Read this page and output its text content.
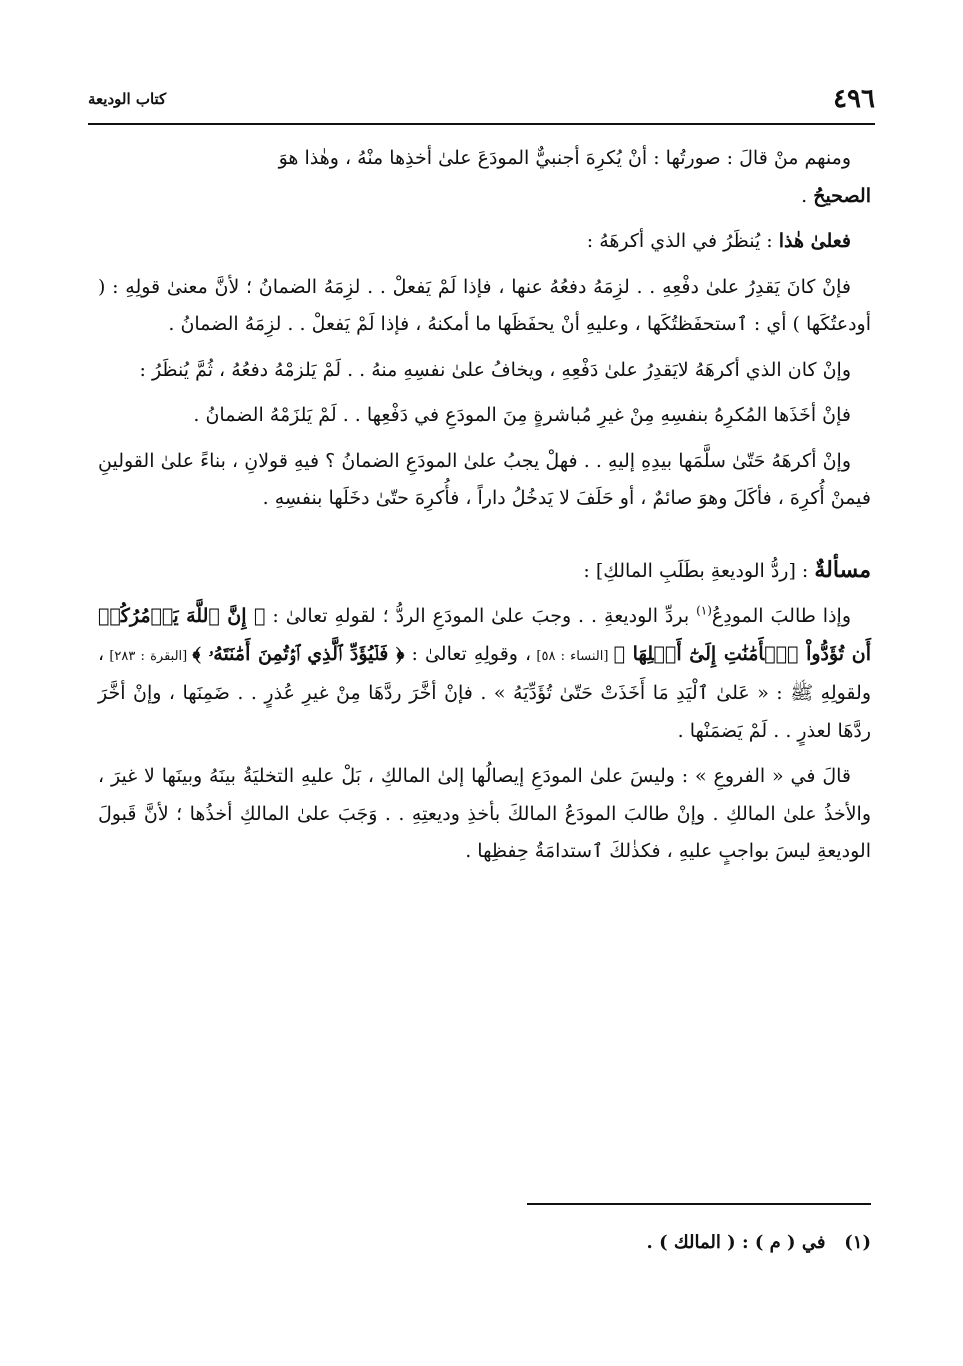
٤٩٦
كتاب الوديعة

ومنهم منْ قالَ : صورتُها : أنْ يُكرِهَ أجنبيٌّ المودَعَ علىٰ أخذِها منْهُ ، وهٰذا هوَ
الصحيحُ .

فعلىٰ هٰذا : يُنظَرُ في الذي أكرهَهُ :

فإنْ كانَ يَقدِرُ علىٰ دفْعِهِ . . لزِمَهُ دفعُهُ عنها ، فإذا لَمْ يَفعلْ . . لزِمَهُ الضمانُ ؛ لأنَّ معنىٰ قولِهِ : ( أودعتُكَها ) أي : ٱستحفَظتُكَها ، وعليهِ أنْ يحفَظَها ما أمكنهُ ، فإذا لَمْ يَفعلْ . . لزِمَهُ الضمانُ .

وإنْ كان الذي أكرهَهُ لايَقدِرُ علىٰ دَفْعِهِ ، ويخافُ علىٰ نفسِهِ منهُ . . لَمْ يَلزمْهُ دفعُهُ ، ثُمَّ يُنظَرُ :

فإنْ أخَذَها المُكرِهُ بنفسِهِ مِنْ غيرِ مُباشرةٍ مِنَ المودَعِ في دَفْعِها . . لَمْ يَلزَمْهُ الضمانُ .

وإنْ أكرهَهُ حَتّىٰ سلَّمَها بيدِهِ إليهِ . . فهلْ يجبُ علىٰ المودَعِ الضمانُ ؟ فيهِ قولانِ ، بناءً علىٰ القولينِ فيمنْ أُكرِهَ ، فأكَلَ وهوَ صائمٌ ، أو حَلَفَ لا يَدخُلُ داراً ، فأُكرِهَ حتّىٰ دخَلَها بنفسِهِ .

مسألةٌ : [ردُّ الوديعةِ بطَلَبِ المالكِ] :

وإذا طالبَ المودِعُ$^{(١)}$ بردِّ الوديعةِ . . وجبَ علىٰ المودَعِ الردُّ ؛ لقولهِ تعالىٰ : ﴿ إِنَّ ٱللَّهَ يَأۡمُرُكُمۡ أَن تُؤَدُّواْ ٱلۡأَمَٰنَٰتِ إِلَىٰٓ أَهۡلِهَا ﴾ [النساء : ٥٨] ، وقولِهِ تعالىٰ : ﴿ فَلۡيُؤَدِّ ٱلَّذِي ٱؤۡتُمِنَ أَمَٰنَتَهُۥ ﴾ [البقرة : ٢٨٣] ، ولقولِهِ ﷺ : « عَلىٰ ٱلْيَدِ مَا أَخَذَتْ حَتّىٰ تُؤَدِّيَهُ » . فإنْ أخَّرَ ردَّهَا مِنْ غيرِ عُذرٍ . . ضَمِنَها ، وإنْ أخَّرَ ردَّهَا لعذرٍ . . لَمْ يَضمَنْها .

قالَ في « الفروعِ » : وليسَ علىٰ المودَعِ إيصالُها إلىٰ المالكِ ، بَلْ عليهِ التخليَةُ بينَهُ وبينَها لا غيرَ ، والأخذُ علىٰ المالكِ . وإنْ طالبَ المودَعُ المالكَ بأخذِ وديعتِهِ . . وَجَبَ علىٰ المالكِ أخذُها ؛ لأنَّ قَبولَ الوديعةِ ليسَ بواجبٍ عليهِ ، فكذٰلكَ ٱستدامَةُ حِفظِها .

(١)   في ( م ) : ( المالك ) .
